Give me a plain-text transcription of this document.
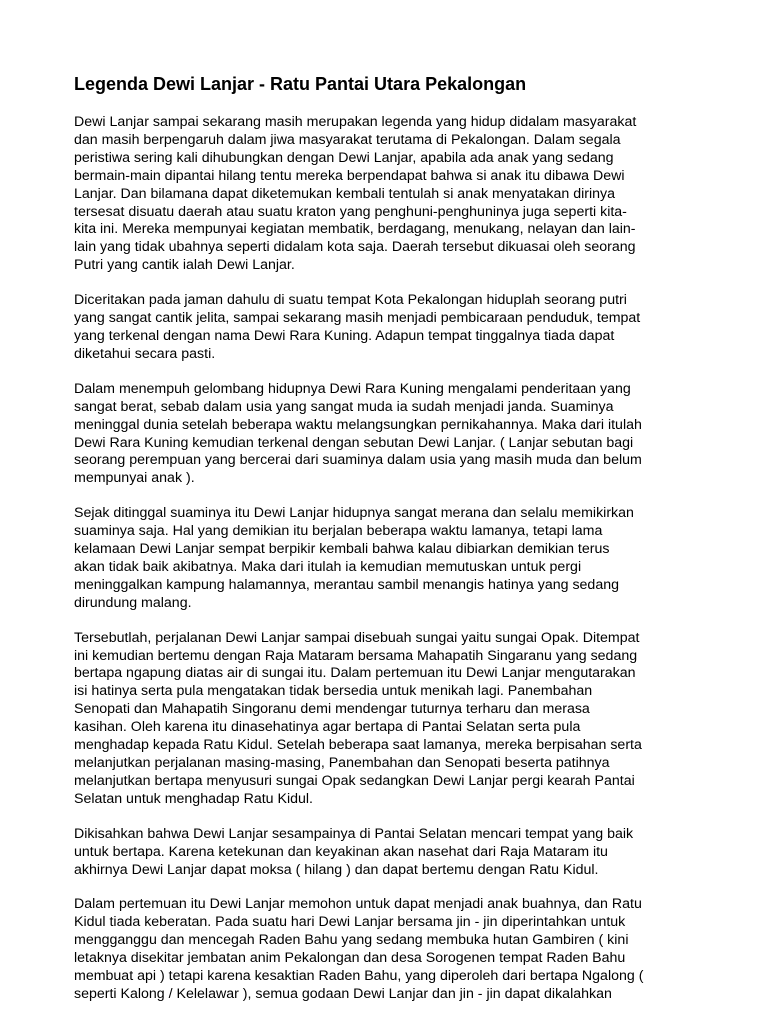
Legenda Dewi Lanjar - Ratu Pantai Utara Pekalongan
Dewi Lanjar sampai sekarang masih merupakan legenda yang hidup didalam masyarakat
dan masih berpengaruh dalam jiwa masyarakat terutama di Pekalongan. Dalam segala
peristiwa sering kali dihubungkan dengan Dewi Lanjar, apabila ada anak yang sedang
bermain-main dipantai hilang tentu mereka berpendapat bahwa si anak itu dibawa Dewi
Lanjar. Dan bilamana dapat diketemukan kembali tentulah si anak menyatakan dirinya
tersesat disuatu daerah atau suatu kraton yang penghuni-penghuninya juga seperti kita-
kita ini. Mereka mempunyai kegiatan membatik, berdagang, menukang, nelayan dan lain-
lain yang tidak ubahnya seperti didalam kota saja. Daerah tersebut dikuasai oleh seorang
Putri yang cantik ialah Dewi Lanjar.
Diceritakan pada jaman dahulu di suatu tempat Kota Pekalongan hiduplah seorang putri
yang sangat cantik jelita, sampai sekarang masih menjadi pembicaraan penduduk, tempat
yang terkenal dengan nama Dewi Rara Kuning. Adapun tempat tinggalnya tiada dapat
diketahui secara pasti.
Dalam menempuh gelombang hidupnya Dewi Rara Kuning mengalami penderitaan yang
sangat berat, sebab dalam usia yang sangat muda ia sudah menjadi janda. Suaminya
meninggal dunia setelah beberapa waktu melangsungkan pernikahannya. Maka dari itulah
Dewi Rara Kuning kemudian terkenal dengan sebutan Dewi Lanjar. ( Lanjar sebutan bagi
seorang perempuan yang bercerai dari suaminya dalam usia yang masih muda dan belum
mempunyai anak ).
Sejak ditinggal suaminya itu Dewi Lanjar hidupnya sangat merana dan selalu memikirkan
suaminya saja. Hal yang demikian itu berjalan beberapa waktu lamanya, tetapi lama
kelamaan Dewi Lanjar sempat berpikir kembali bahwa kalau dibiarkan demikian terus
akan tidak baik akibatnya. Maka dari itulah ia kemudian memutuskan untuk pergi
meninggalkan kampung halamannya, merantau sambil menangis hatinya yang sedang
dirundung malang.
Tersebutlah, perjalanan Dewi Lanjar sampai disebuah sungai yaitu sungai Opak. Ditempat
ini kemudian bertemu dengan Raja Mataram bersama Mahapatih Singaranu yang sedang
bertapa ngapung diatas air di sungai itu. Dalam pertemuan itu Dewi Lanjar mengutarakan
isi hatinya serta pula mengatakan tidak bersedia untuk menikah lagi. Panembahan
Senopati dan Mahapatih Singoranu demi mendengar tuturnya terharu dan merasa
kasihan. Oleh karena itu dinasehatinya agar bertapa di Pantai Selatan serta pula
menghadap kepada Ratu Kidul. Setelah beberapa saat lamanya, mereka berpisahan serta
melanjutkan perjalanan masing-masing, Panembahan dan Senopati beserta patihnya
melanjutkan bertapa menyusuri sungai Opak sedangkan Dewi Lanjar pergi kearah Pantai
Selatan untuk menghadap Ratu Kidul.
Dikisahkan bahwa Dewi Lanjar sesampainya di Pantai Selatan mencari tempat yang baik
untuk bertapa. Karena ketekunan dan keyakinan akan nasehat dari Raja Mataram itu
akhirnya Dewi Lanjar dapat moksa ( hilang ) dan dapat bertemu dengan Ratu Kidul.
Dalam pertemuan itu Dewi Lanjar memohon untuk dapat menjadi anak buahnya, dan Ratu
Kidul tiada keberatan. Pada suatu hari Dewi Lanjar bersama jin - jin diperintahkan untuk
mengganggu dan mencegah Raden Bahu yang sedang membuka hutan Gambiren ( kini
letaknya disekitar jembatan anim Pekalongan dan desa Sorogenen tempat Raden Bahu
membuat api ) tetapi karena kesaktian Raden Bahu, yang diperoleh dari bertapa Ngalong (
seperti Kalong / Kelelawar ), semua godaan Dewi Lanjar dan jin - jin dapat dikalahkan
